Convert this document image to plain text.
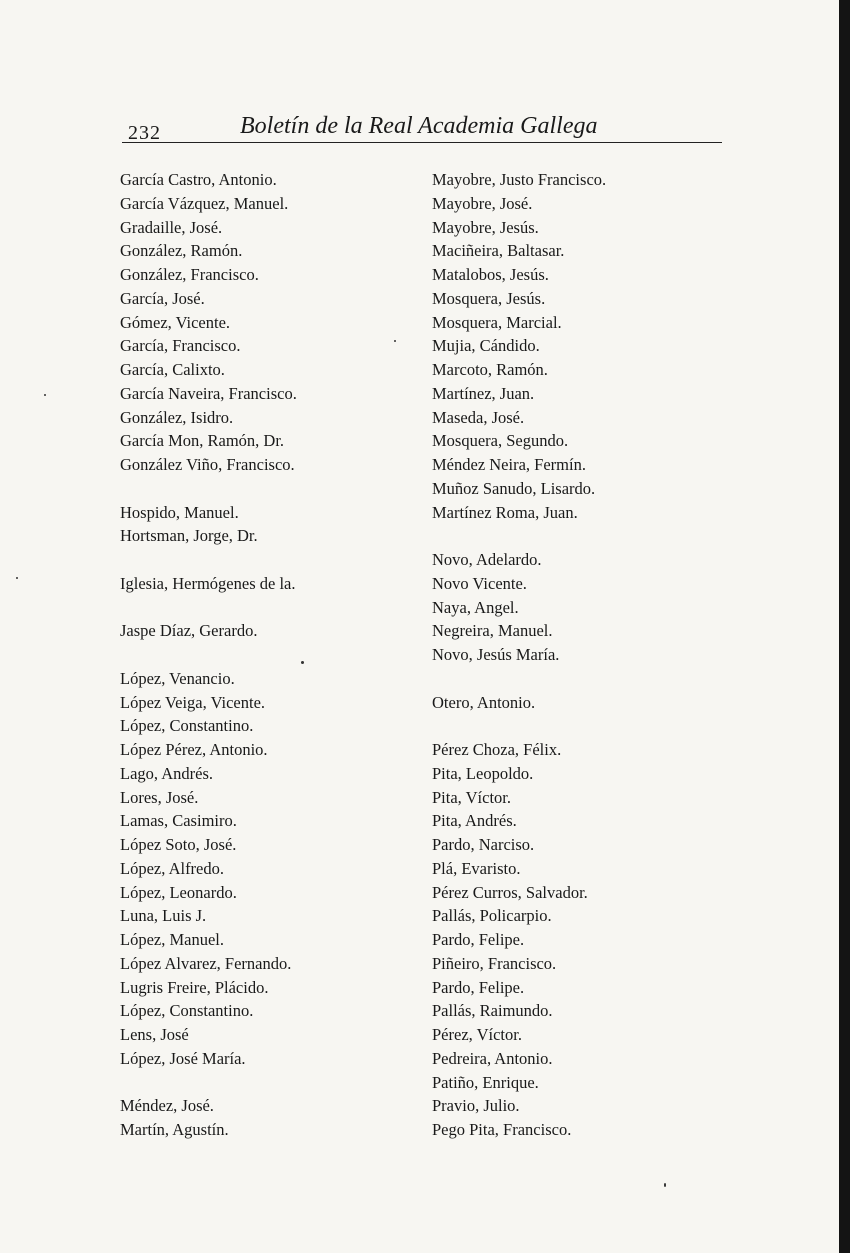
232	Boletín de la Real Academia Gallega
García Castro, Antonio.
García Vázquez, Manuel.
Gradaille, José.
González, Ramón.
González, Francisco.
García, José.
Gómez, Vicente.
García, Francisco.
García, Calixto.
García Naveira, Francisco.
González, Isidro.
García Mon, Ramón, Dr.
González Viño, Francisco.
Hospido, Manuel.
Hortsman, Jorge, Dr.
Iglesia, Hermógenes de la.
Jaspe Díaz, Gerardo.
López, Venancio.
López Veiga, Vicente.
López, Constantino.
López Pérez, Antonio.
Lago, Andrés.
Lores, José.
Lamas, Casimiro.
López Soto, José.
López, Alfredo.
López, Leonardo.
Luna, Luis J.
López, Manuel.
López Alvarez, Fernando.
Lugris Freire, Plácido.
López, Constantino.
Lens, José
López, José María.
Méndez, José.
Martín, Agustín.
Mayobre, Justo Francisco.
Mayobre, José.
Mayobre, Jesús.
Maciñeira, Baltasar.
Matalobos, Jesús.
Mosquera, Jesús.
Mosquera, Marcial.
Mujia, Cándido.
Marcoto, Ramón.
Martínez, Juan.
Maseda, José.
Mosquera, Segundo.
Méndez Neira, Fermín.
Muñoz Sanudo, Lisardo.
Martínez Roma, Juan.
Novo, Adelardo.
Novo Vicente.
Naya, Angel.
Negreira, Manuel.
Novo, Jesús María.
Otero, Antonio.
Pérez Choza, Félix.
Pita, Leopoldo.
Pita, Víctor.
Pita, Andrés.
Pardo, Narciso.
Plá, Evaristo.
Pérez Curros, Salvador.
Pallás, Policarpio.
Pardo, Felipe.
Piñeiro, Francisco.
Pardo, Felipe.
Pallás, Raimundo.
Pérez, Víctor.
Pedreira, Antonio.
Patiño, Enrique.
Pravio, Julio.
Pego Pita, Francisco.
